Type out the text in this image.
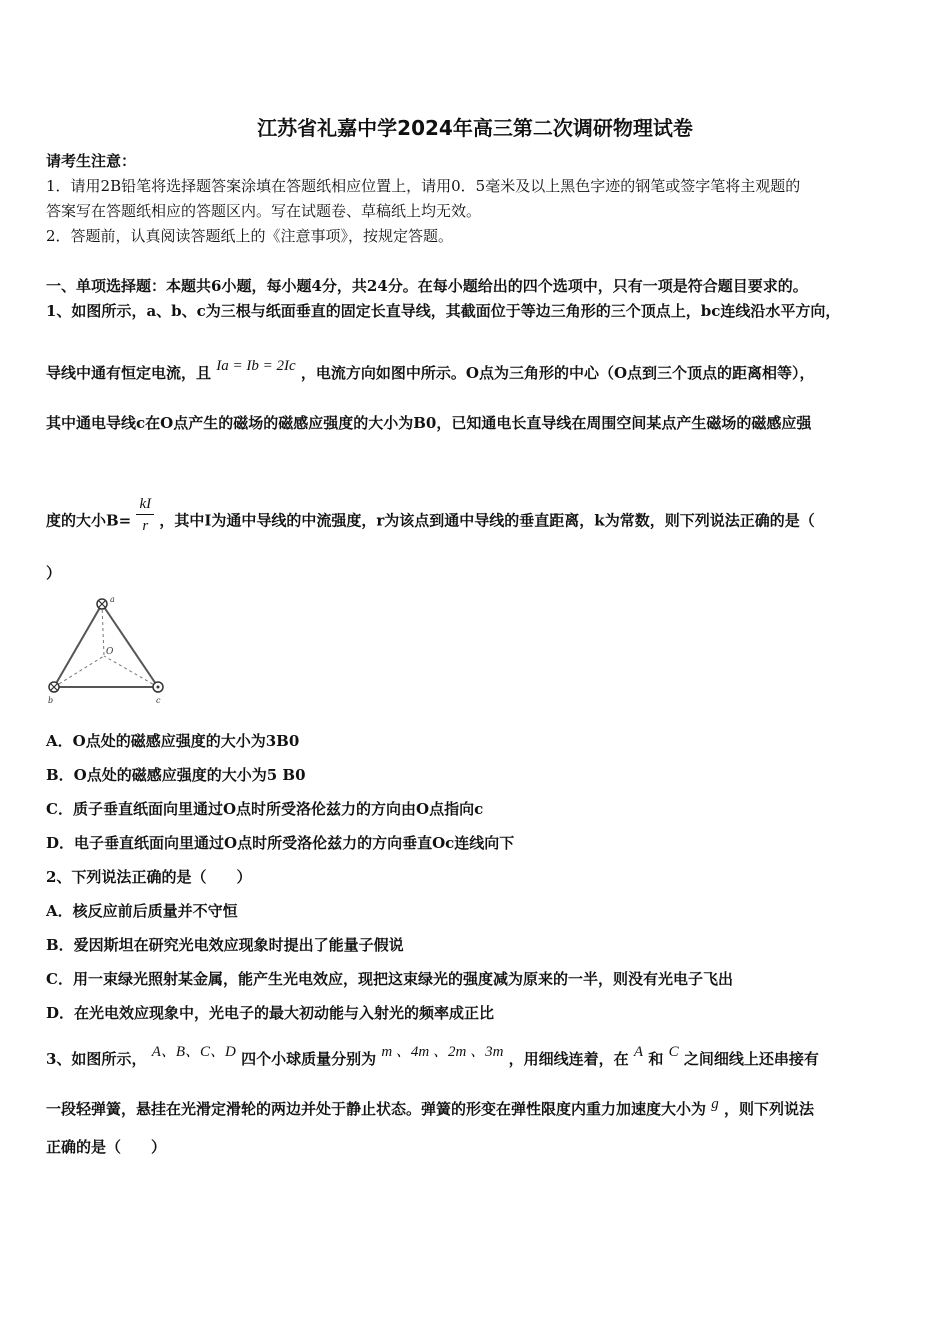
江苏省礼嘉中学2024年高三第二次调研物理试卷
请考生注意：
1．请用2B铅笔将选择题答案涂填在答题纸相应位置上，请用0．5毫米及以上黑色字迹的钢笔或签字笔将主观题的
答案写在答题纸相应的答题区内。写在试题卷、草稿纸上均无效。
2．答题前，认真阅读答题纸上的《注意事项》，按规定答题。
一、单项选择题：本题共6小题，每小题4分，共24分。在每小题给出的四个选项中，只有一项是符合题目要求的。
1、如图所示，a、b、c为三根与纸面垂直的固定长直导线，其截面位于等边三角形的三个顶点上，bc连线沿水平方向，
导线中通有恒定电流，且 Ia = Ib = 2Ic ，电流方向如图中所示。O点为三角形的中心（O点到三个顶点的距离相等），
其中通电导线c在O点产生的磁场的磁感应强度的大小为B0，已知通电长直导线在周围空间某点产生磁场的磁感应强
度的大小$B= \frac{kI}{r}$ ，其中I为通中导线的中流强度，r为该点到通中导线的垂直距离，k为常数，则下列说法正确的是（
）
a
b	c
O
A．O点处的磁感应强度的大小为3B0
B．O点处的磁感应强度的大小为5 B0
C．质子垂直纸面向里通过O点时所受洛伦兹力的方向由O点指向c
D．电子垂直纸面向里通过O点时所受洛伦兹力的方向垂直Oc连线向下
2、下列说法正确的是（　　）
A．核反应前后质量并不守恒
B．爱因斯坦在研究光电效应现象时提出了能量子假说
C．用一束绿光照射某金属，能产生光电效应，现把这束绿光的强度减为原来的一半，则没有光电子飞出
D．在光电效应现象中，光电子的最大初动能与入射光的频率成正比
3、如图所示， A、B、C、D 四个小球质量分别为 m 、4m 、2m 、3m ，用细线连着，在 A 和 C 之间细线上还串接有
一段轻弹簧，悬挂在光滑定滑轮的两边并处于静止状态。弹簧的形变在弹性限度内重力加速度大小为 g ，则下列说法
正确的是（　　）
